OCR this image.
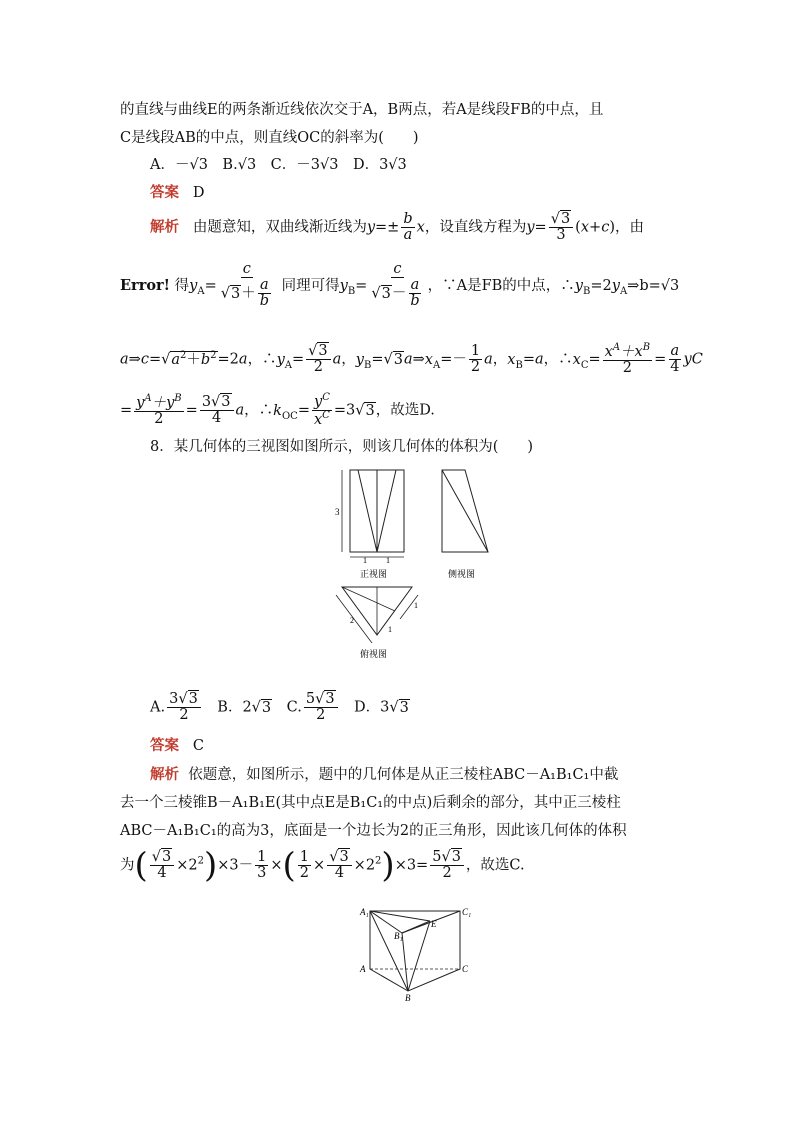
的直线与曲线E的两条渐近线依次交于A，B两点，若A是线段FB的中点，且
C是线段AB的中点，则直线OC的斜率为(　　)
A．－√3　B.√3　C．－3√3　D．3√3
答案 D
解析 由题意知，双曲线渐近线为$y=\pm \frac{b}{a}$ x，设直线方程为$y= \frac{√3}{3} (x+c)$，由
Error! 得$y_A= \frac{c}{√3+ \frac{a}{b}}$ 同理可得$y_B= \frac{c}{√3- \frac{a}{b}}$ ，∵A是FB的中点，$\therefore y_B=2y_A\Rightarrow b=√3$
$a\Rightarrow c=√a^2+b^2=2a$，$\therefore y_A= \frac{√3}{2}$ a，$y_B=√3a\Rightarrow x_A=- \frac{1}{2}$ a，$x_B=a$，$\therefore x_C= \frac{x^A+x^B}{2} = \frac{a}{4}$ yC
= $\frac{y^A+y^B}{2} = \frac{3√3}{4}$ a，$\therefore k_{OC}= \frac{y^C}{x^C} =3√3$，故选D.
8．某几何体的三视图如图所示，则该几何体的体积为(　　)
3
1 1
正视图	侧视图
2
1
1
俯视图
A. $\frac{3√3}{2}$ 　B．2√3　C. $\frac{5√3}{2}$ 　D．3√3
答案 C
解析 依题意，如图所示，题中的几何体是从正三棱柱ABC－A₁B₁C₁中截
去一个三棱锥B－A₁B₁E(其中点E是B₁C₁的中点)后剩余的部分，其中正三棱柱
ABC－A₁B₁C₁的高为3，底面是一个边长为2的正三角形，因此该几何体的体积
为( $\frac{√3}{4} \times 2^2)\times 3- \frac{1}{3}$ ×( $\frac{1}{2} \times \frac{√3}{4} \times 2^2)\times 3= \frac{5√3}{2}$ ，故选C.
A₁	C₁
B₁
E
A	C
B
